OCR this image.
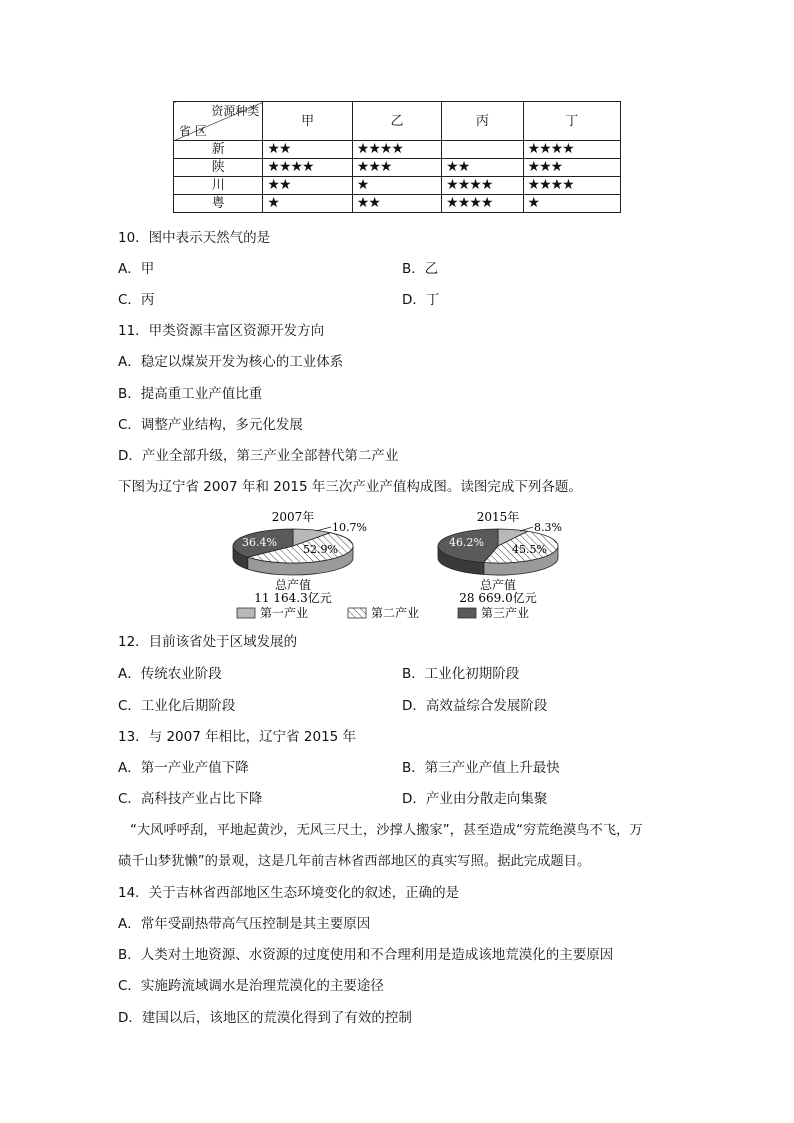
资源种类
省 区	甲	乙	丙	丁
新	★★	★★★★		★★★★
陕	★★★★	★★★	★★	★★★
川	★★	★	★★★★	★★★★
粤	★	★★	★★★★	★
10．图中表示天然气的是
A．甲	B．乙
C．丙	D．丁
11．甲类资源丰富区资源开发方向
A．稳定以煤炭开发为核心的工业体系
B．提高重工业产值比重
C．调整产业结构，多元化发展
D．产业全部升级，第三产业全部替代第二产业
下图为辽宁省 2007 年和 2015 年三次产业产值构成图。读图完成下列各题。
2007年	2015年
10.7%
52.9%
36.4%
8.3%
45.5%
46.2%
总产值
11 164.3亿元
总产值
28 669.0亿元
第一产业	第二产业	第三产业
12．目前该省处于区域发展的
A．传统农业阶段	B．工业化初期阶段
C．工业化后期阶段	D．高效益综合发展阶段
13．与 2007 年相比，辽宁省 2015 年
A．第一产业产值下降	B．第三产业产值上升最快
C．高科技产业占比下降	D．产业由分散走向集聚
“大风呼呼刮，平地起黄沙，无风三尺土，沙撑人搬家”，甚至造成“穷荒绝漠鸟不飞，万
碛千山梦犹懒”的景观，这是几年前吉林省西部地区的真实写照。据此完成题目。
14．关于吉林省西部地区生态环境变化的叙述，正确的是
A．常年受副热带高气压控制是其主要原因
B．人类对土地资源、水资源的过度使用和不合理利用是造成该地荒漠化的主要原因
C．实施跨流域调水是治理荒漠化的主要途径
D．建国以后，该地区的荒漠化得到了有效的控制
